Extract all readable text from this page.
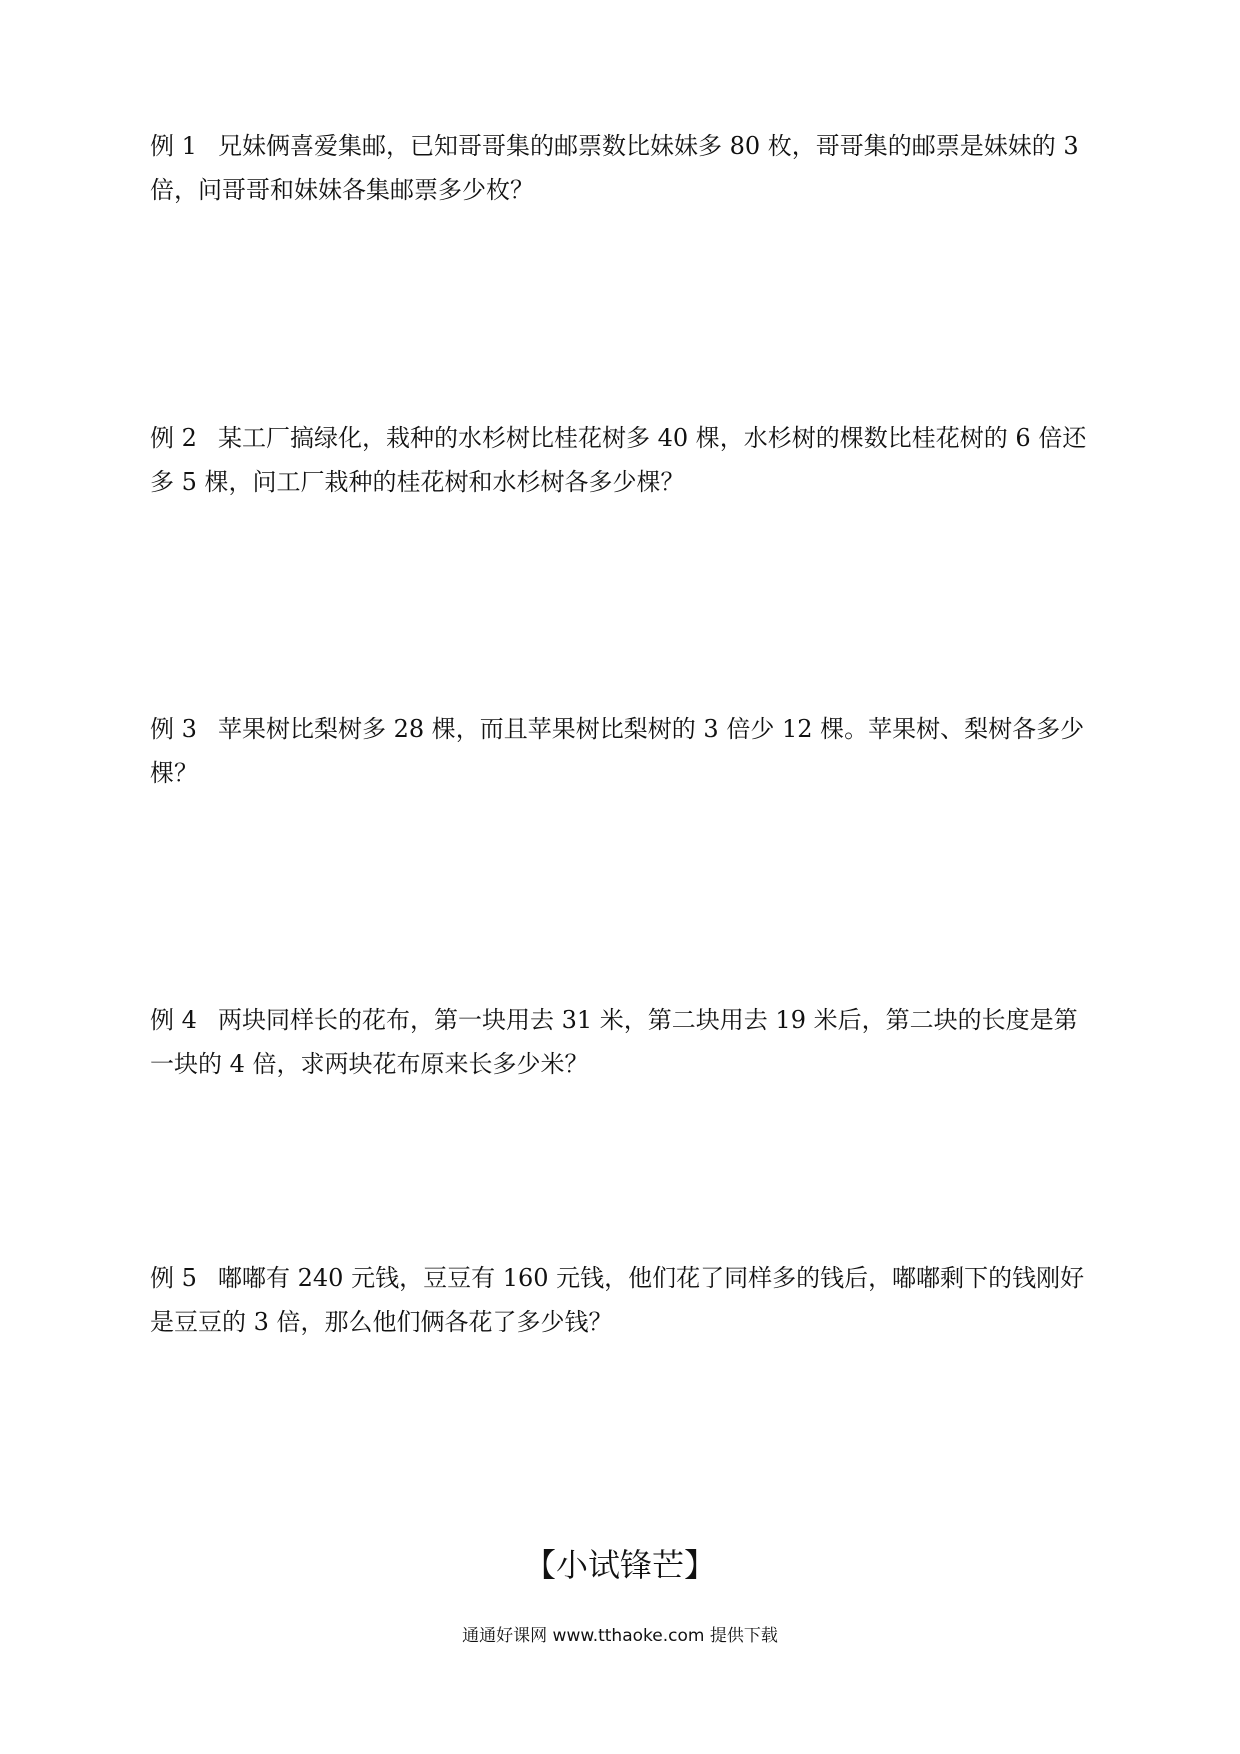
例 1 兄妹俩喜爱集邮，已知哥哥集的邮票数比妹妹多 80 枚，哥哥集的邮票是妹妹的 3
倍，问哥哥和妹妹各集邮票多少枚？
例 2 某工厂搞绿化，栽种的水杉树比桂花树多 40 棵，水杉树的棵数比桂花树的 6 倍还
多 5 棵，问工厂栽种的桂花树和水杉树各多少棵？
例 3 苹果树比梨树多 28 棵，而且苹果树比梨树的 3 倍少 12 棵。苹果树、梨树各多少
棵？
例 4 两块同样长的花布，第一块用去 31 米，第二块用去 19 米后，第二块的长度是第
一块的 4 倍，求两块花布原来长多少米？
例 5 嘟嘟有 240 元钱，豆豆有 160 元钱，他们花了同样多的钱后，嘟嘟剩下的钱刚好
是豆豆的 3 倍，那么他们俩各花了多少钱？
【小试锋芒】
通通好课网 www.tthaoke.com 提供下载
